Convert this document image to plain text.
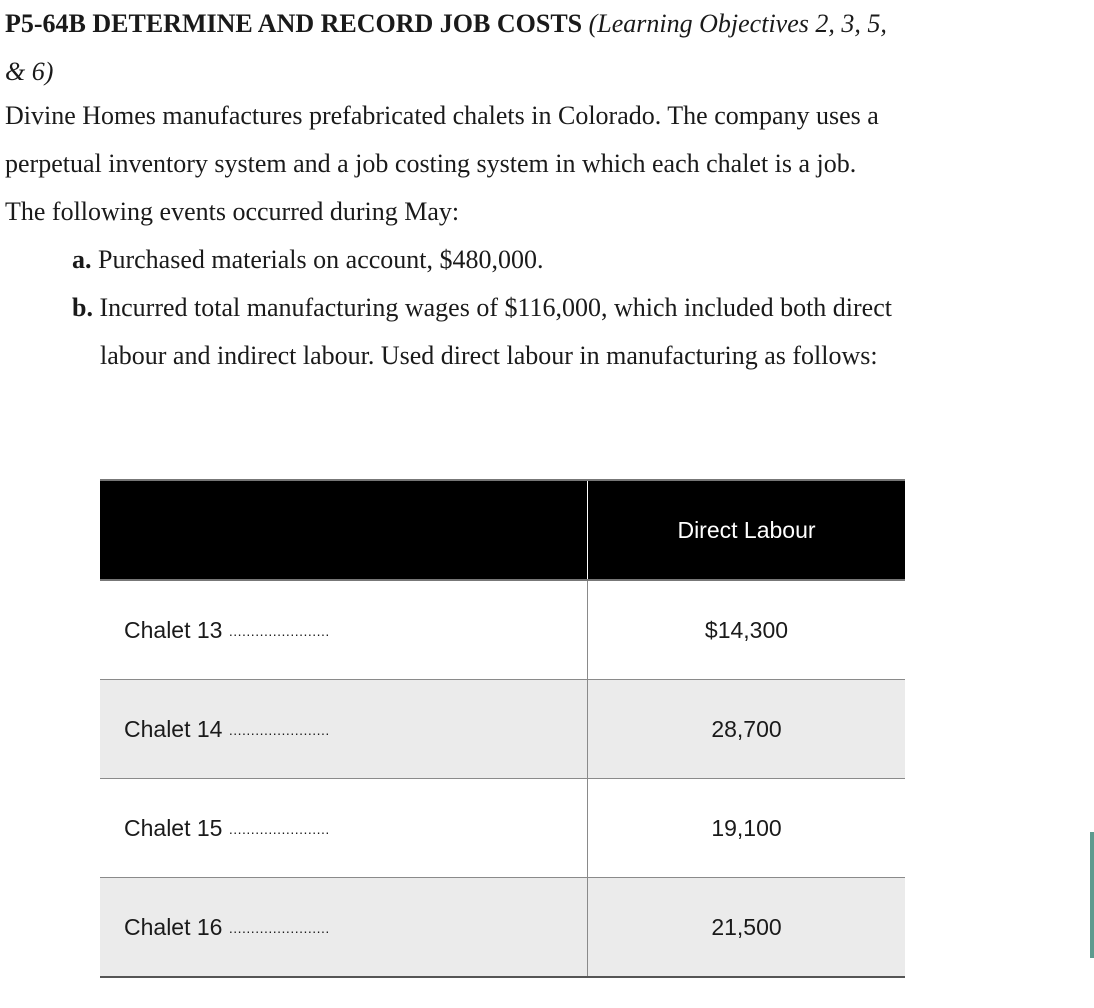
P5-64B DETERMINE AND RECORD JOB COSTS (Learning Objectives 2, 3, 5, & 6)

Divine Homes manufactures prefabricated chalets in Colorado. The company uses a perpetual inventory system and a job costing system in which each chalet is a job. The following events occurred during May:

a. Purchased materials on account, $480,000.

b. Incurred total manufacturing wages of $116,000, which included both direct labour and indirect labour. Used direct labour in manufacturing as follows:

	Direct Labour
Chalet 13 .......................	$14,300
Chalet 14 .......................	28,700
Chalet 15 .......................	19,100
Chalet 16 .......................	21,500
